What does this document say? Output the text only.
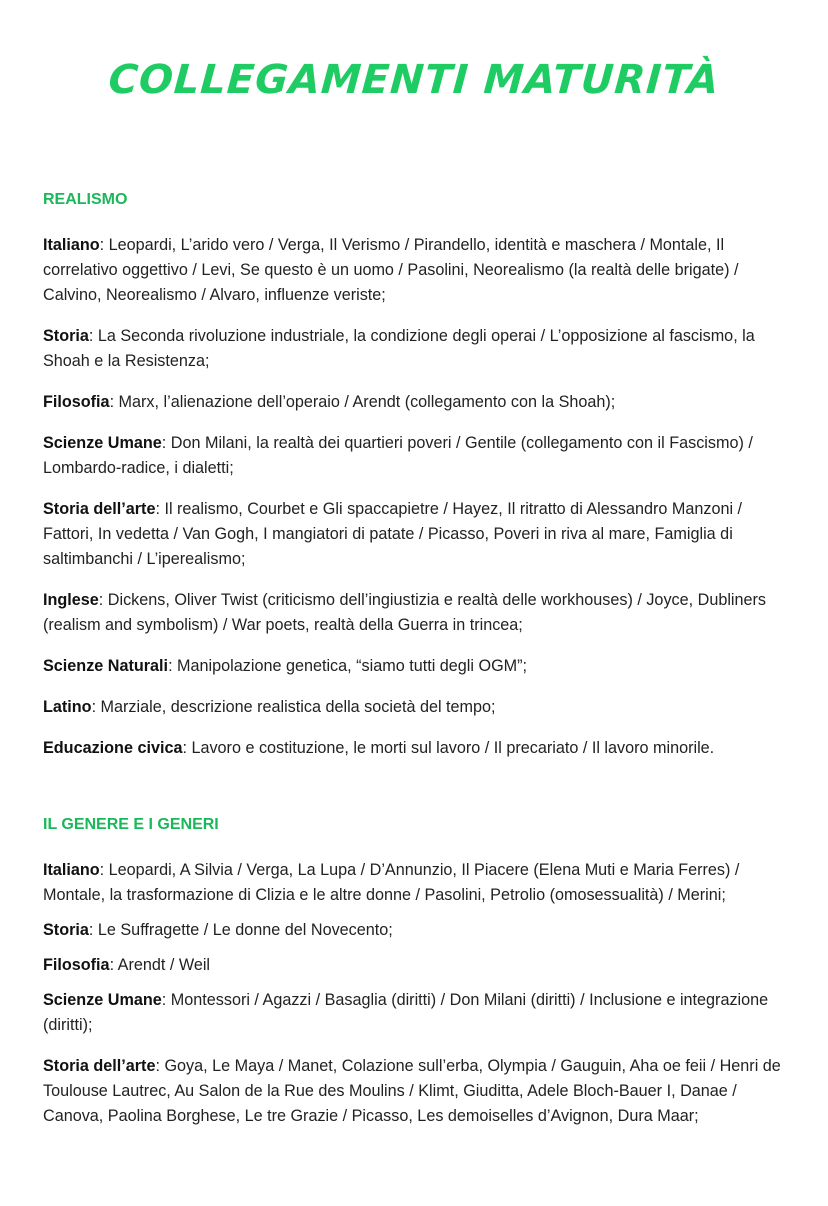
COLLEGAMENTI MATURITÀ
REALISMO

Italiano: Leopardi, L’arido vero / Verga, Il Verismo / Pirandello, identità e maschera / Montale, Il correlativo oggettivo / Levi, Se questo è un uomo / Pasolini, Neorealismo (la realtà delle brigate) / Calvino, Neorealismo / Alvaro, influenze veriste;

Storia: La Seconda rivoluzione industriale, la condizione degli operai / L’opposizione al fascismo, la Shoah e la Resistenza;

Filosofia: Marx, l’alienazione dell’operaio / Arendt (collegamento con la Shoah);

Scienze Umane: Don Milani, la realtà dei quartieri poveri / Gentile (collegamento con il Fascismo) / Lombardo-radice, i dialetti;

Storia dell’arte: Il realismo, Courbet e Gli spaccapietre / Hayez, Il ritratto di Alessandro Manzoni / Fattori, In vedetta / Van Gogh, I mangiatori di patate / Picasso, Poveri in riva al mare, Famiglia di saltimbanchi / L’iperealismo;

Inglese: Dickens, Oliver Twist (criticismo dell’ingiustizia e realtà delle workhouses) / Joyce, Dubliners (realism and symbolism) / War poets, realtà della Guerra in trincea;

Scienze Naturali: Manipolazione genetica, “siamo tutti degli OGM”;

Latino: Marziale, descrizione realistica della società del tempo;

Educazione civica: Lavoro e costituzione, le morti sul lavoro / Il precariato / Il lavoro minorile.

IL GENERE E I GENERI

Italiano: Leopardi, A Silvia / Verga, La Lupa / D’Annunzio, Il Piacere (Elena Muti e Maria Ferres) / Montale, la trasformazione di Clizia e le altre donne / Pasolini, Petrolio (omosessualità) / Merini;

Storia: Le Suffragette / Le donne del Novecento;

Filosofia: Arendt / Weil

Scienze Umane: Montessori / Agazzi / Basaglia (diritti) / Don Milani (diritti) / Inclusione e integrazione (diritti);

Storia dell’arte: Goya, Le Maya / Manet, Colazione sull’erba, Olympia / Gauguin, Aha oe feii / Henri de Toulouse Lautrec, Au Salon de la Rue des Moulins / Klimt, Giuditta, Adele Bloch-Bauer I, Danae / Canova, Paolina Borghese, Le tre Grazie / Picasso, Les demoiselles d’Avignon, Dura Maar;
